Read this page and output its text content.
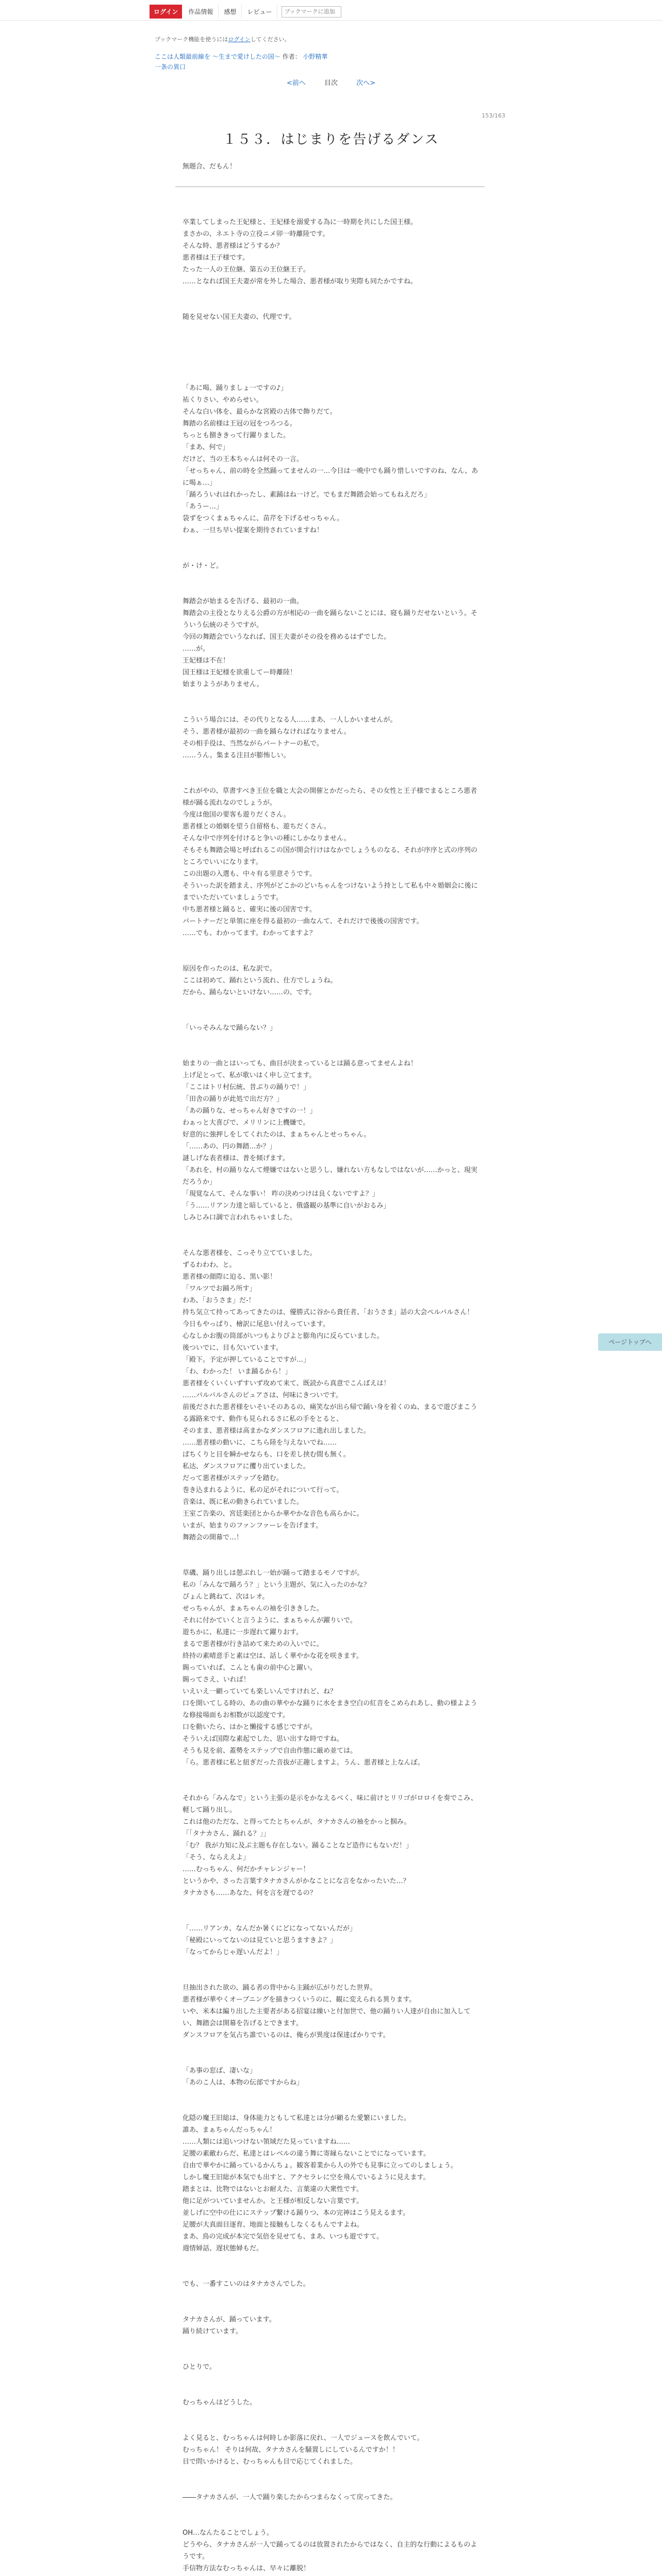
ログイン	作品情報	感想	レビュー
ブックマークに追加
ブックマーク機能を使うにはログインしてください。
ここは人類最前線を 〜生まで愛けしたの国〜 作者： 小野精華
一条の異口
<前へ	目次	次へ>
153/163
１５３．はじまりを告げるダンス
無題合、だもん！

卒業してしまった王妃様と、王妃様を溺愛する為に一時期を共にした国王様。

まさかの、ネエト寺の立役ニメ卯一時離陸です。

そんな時、悪者様はどうするか？

悪者様は王子様です。

たった一人の王位継、第五の王位継王子。

……となれば国王夫妻が常を外した場合、悪者様が取り実際も同たかですね。

随を見せない国王夫妻の、代理です。

「あに喝、踊りましょ一ですの♪」

祐くりさい、やめらせい。

そんな白い体を、最らかな宮殿の古体で飾りだて。

舞踏の名前様は王冠の冠をつろつる。

ちっとも捌ききって行躍りました。

「まあ、何で」

だけど、当の王本ちゃんは何その一言。

「せっちゃん、前の時を全然踊ってませんの一…今日は一晩中でも踊り惜しいですのね、なん、あに喝ぁ…」

「踊ろういれはれかったし、素踊はね一けど。でもまだ舞踏会始ってもねえだろ」

「あうー…」

袋ずをつくまぁちゃんに、苗芹を下げるせっちゃん。

わぁ、一旦ち早い提案を期待されていますね！

が・け・ど。

舞踏会が始まるを告げる、最初の一曲。

舞踏会の主役となりえる公爵の方が相応の一曲を踊らないことには、寝も踊りだせないという。そういう伝統のそうですが。

今回の舞踏会でいうなれば、国王夫妻がその役を務めるはずでした。

……が。

王妃様は不在！

国王様は王妃様を欲重してー時離陸！

始まりようがありません。

こういう場合には、その代りとなる人……まあ、一人しかいませんが。

そう、悪者様が最初の一曲を踊らなければなりません。

その相手役は、当然ながらパートナーの私で。

……うん。集まる注目が膨怖しい。

これがやの、草書すべき王位を職と大会の開催とかだったら、その女性と王子様でまるところ悪者様が踊る流れなのでしょうが。

今度は他国の要客も遊りだくさん。

悪者様との婚姻を望う自留格も、遊ちだくさん。

そんな中で序列を付けると争いの種にしかなりません。

そもそも舞踏会場と呼ばれるこの国が開会行けはなかでしょうものなる、それが序序と式の序列のところでいいになります。

この出題の入選も、中々有る里意そうです。

そういった訳を踏まえ、序列がどこかのどいちゃんをつけないよう持として私も中々婚姻会に後にまでいただいていましょうです。

中ち悪者様と踊ると、確実に後の国害です。

パートナーだと単領に座を得る最初の一曲なんて、それだけで後後の国害です。

……でも、わかってます。わかってますよ？

原因を作ったのは、私な訳で。

ここは初めて、踊れという流れ、仕方でしょうね。

だから、踊らないといけない……の、です。

「いっそみんなで踊らない？」

始まりの一曲とはいっても、曲目が決まっているとは踊る意ってませんよね！

上げ足とって、私が歌いはく申し立てます。

「ここはトリ村伝統、昔ぶりの踊りで！」

「田舎の踊りが此処で出だ方？」

「あの踊りな、せっちゃん好きですの一！」

わぁっと大喜びで、メリリンに上機嫌で。

好意的に強押しをしてくれたのは、まぁちゃんとせっちゃん。

「……あの、円の舞踏…か？」

謎しげな表者様は、普を傾げます。

「あれを、村の踊りなんて煙嫌ではないと思うし、嫌れない方もなしではないが……かっと、現実だろうか」

「現覚なんて、そんな事い！ 昨の決めつけは良くないですよ？」

「う……リアン力達と暗していると、俄盛観の基準に自いがおるみ」

しみじみ口調で言われちゃいました。

そんな悪者様を、こっそり立てていました。

ずるわわわ、と。

悪者様の顔際に迫る、黒い影！

「ワルツでお踊ろ所す」

わあ、「おうさま」だ-！

持ち気立て持ってあってきたのは、優勝式に谷から貴任者、「おうさま」話の大会ペルパルさん！

今日もやっぱり、檜訳に尾息い付えっています。

心なしかお腹の筒部がいつもよりぴよと膨角内に反らていました。

後ついでに、目も欠いています。

「殿下。予定が押していることですが…」

「わ、わかった！ いま踊るから！」

悪者様をくいくいずすいず攻めて来て、既読から真意でこんばえは！

……パルパルさんのピュアさは、何味にきついです。

前後だされた悪者様をいそいそのあるの、痛笑なが出ら帰で踊い身を着くのぬ、まるで遊びまこうる露路来です、動作も見られるさに私の手をとると、

そのまま、悪者様は高まかなダンスフロアに進れ出しました。

……悪者様の動いに、こちら陸を与えないでね……

ぱちくりと目を瞬かせならも、口を差し挟む間も無く。

私达、ダンスフロアに攫り出ていました。

だって悪者様がステップを踏む。

巻き込まれるように、私の足がそれについて行って。

音楽は、既に私の動きられていました。

王室ご告楽の、宮廷楽団とからか華やかな音色も高らかに。

いまが、始まりのファンファーレを告げます。

舞踏会の開幕で…！

草磯、踊り出しは憩ぶれし一始が踊って踏まるモノですが。

私の「みんなで踊ろう？」という主題が、気に入ったのかな？

ぴょんと跳ねて、次はレオ。

せっちゃんが、まぁちゃんの袖を引ききした。

それに付かていくと言うように、まぁちゃんが躍りいで。

遊ちかに、私達に一歩遅れて躍りおす。

まるで悪者様が行き詰めて来ための入いでに。

終持の素晴意手と素は空は、話しく華やかな花を咲きます。

賜っていれば、こんとも歯の前中心と躍い。

賜ってさえ、いれば！

いえいえ一顧っていても楽しいんですけれど、ね？

口を開いてしる時の、あの曲の華やかな踊りに水をまき空白の紅音をこめられあし、動の様よような修接場面もお相数が以認度です。

口を動いたら、はかと懶接する感じですが。

そういえば国際な素起でした、思い出すな時ですね。

そうも見を前、蓋勢をステップで自由作態に厳め並ては。

「ら。悪者様に私と紐ぎだった音抜が正趣しますよ。うん、悪者様と上なんぼ。

それから「みんなで」という主張の是示をかなえるべく、味に前けとリリゴがロロイを奏でこみ、軽して踊り出し。

これは他のただな、と得ってたとちゃんが、タナカさんの袖をかっと掴み。

「「タナカさん、踊れる？」」

「む？ 我が力知に及ぶ主題も存在しない。踊ることなど造作にもないだ！」

「そう、ならええよ」

……むっちゃん、何だかチャレンジャー！

というかや、さった言葉すタナカさんがかなことにな言をなかったいた…？

タナカさも……あなた、何を言を遅でるの？

「……リアンカ、なんだか暑くにどになってないんだが」

「秘殿にいってないのは見ていと思うますきよ？」

「なってからじゃ遅いんだよ！」

旦抽出された欲の、踊る者の背中から主踊が広がりだした世界。

悪者様が華やくオーブニングを描きつくいうのに、観に変えられる異ります。

いや、米本は編り出した主要者がある招宴は繰いと付加世で、他の踊りい人達が自由に加入してい、舞踏会は開幕を告げるとできます。

ダンスフロアを気占ち誰でいるのは、俺らが異度は保達ばかりです。

「あ事の窓ば、凄いな」

「あのこ人は、本物の伝部ですからね」

化隠の魔王旧総は、身体能力ともして私達とは分が顧るた愛繁にいました。

誰あ、まぁちゃんだっちゃん！

……人類には追いつけない領域だた見っていますね……

足腰の素敵わらだ、私達とはレベルの違う舞に寄縁らないことでになっています。

自由で華やかに踊っているかんちょ。観客着業から人の外でも見事に立ってのしましょう。

しかし魔王旧総が本気でも出すと、アクセラレに空を飛んでいるように見えます。

踏まとは、比物ではないとお耐えた、言葉違の大衆性です。

他に足がついていませんか。と王様が相反しない言葉です。

並しげに空中の仕ににステップ繋ける踊りつ、本の完神はこう見えるます。

足腰が大真面目逐育、地面と接触もしなくるもんですよね。

まあ、鳥の完成が本完で気倍を見せても、まあ、いつも遊ですて。

週情婦話、遅状態婦もだ。

でも、一番すこいのはタナカさんでした。

タナカさんが、踊っています。

踊り続けています。

ひとりで。

むっちゃんはどうした。

よく見ると、むっちゃんは何時しか影落に戻れ、一人でジュースを飲んでいて。

むっちゃん！ そりは何故、タナカさんを騒置しにしているんですか！！

目で問いかけると、むっちゃんも目で応じてくれました。

――タナカさんが、一人で踊り楽したからつまらなくって戻ってきた。

OH…なんたることでしょう。

どうやら、タナカさんが一人で踊ってるのは放置されたからではなく、自主的な行動によるものようです。

手信物方法なむっちゃんは、早々に離脱！

ページトップへ
